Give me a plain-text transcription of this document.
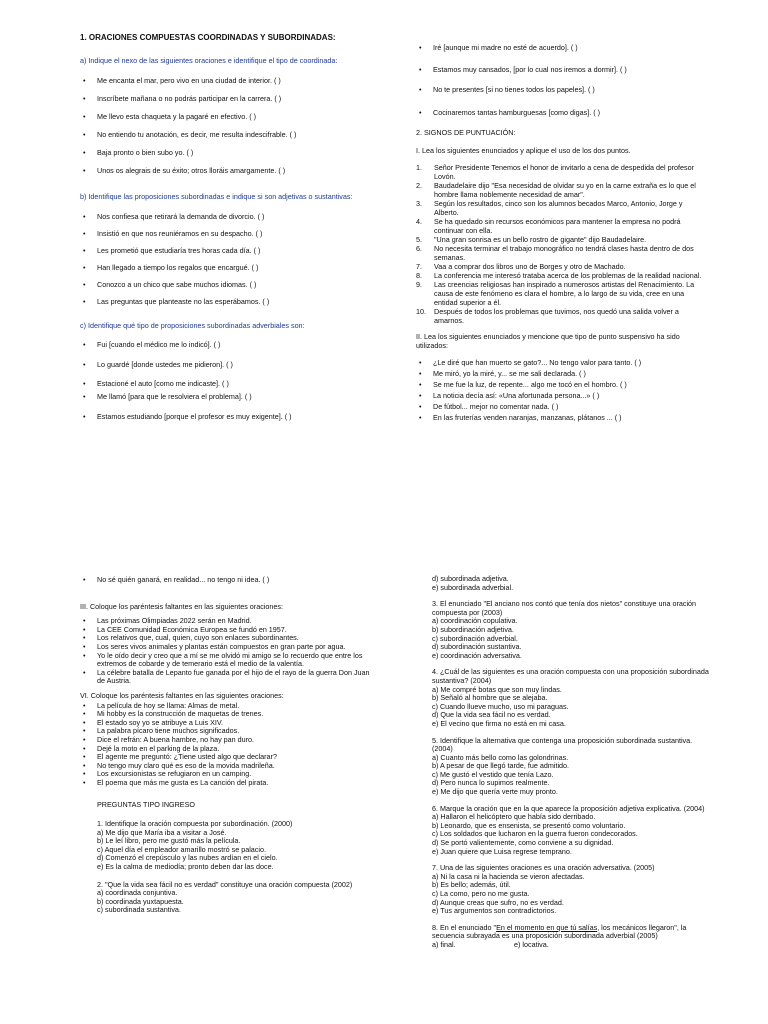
1. ORACIONES COMPUESTAS COORDINADAS Y SUBORDINADAS:
a) Indique el nexo de las siguientes oraciones e identifique el tipo de coordinada:
• Me encanta el mar, pero vivo en una ciudad de interior. ( )
• Inscríbete mañana o no podrás participar en la carrera. ( )
• Me llevo esta chaqueta y la pagaré en efectivo. ( )
• No entiendo tu anotación, es decir, me resulta indescifrable. ( )
• Baja pronto o bien subo yo. ( )
• Unos os alegrais de su éxito; otros lloráis amargamente. ( )
b) Identifique las proposiciones subordinadas e indique si son adjetivas o sustantivas:
• Nos confiesa que retirará la demanda de divorcio. ( )
• Insistió en que nos reuniéramos en su despacho. ( )
• Les prometió que estudiaría tres horas cada día. ( )
• Han llegado a tiempo los regalos que encargué. ( )
• Conozco a un chico que sabe muchos idiomas. ( )
• Las preguntas que planteaste no las esperábamos. ( )
c) Identifique qué tipo de proposiciones subordinadas adverbiales son:
• Fui [cuando el médico me lo indicó]. ( )
• Lo guardé [donde ustedes me pidieron]. ( )
• Estacioné el auto [como me indicaste]. ( )
• Me llamó [para que le resolviera el problema]. ( )
• Estamos estudiando [porque el profesor es muy exigente]. ( )
• Iré [aunque mi madre no esté de acuerdo]. ( )
• Estamos muy cansados, [por lo cual nos iremos a dormir]. ( )
• No te presentes [si no tienes todos los papeles]. ( )
• Cocinaremos tantas hamburguesas [como digas]. ( )
2. SIGNOS DE PUNTUACIÓN:
I. Lea los siguientes enunciados y aplique el uso de los dos puntos.
1. Señor Presidente Tenemos el honor de invitarlo a cena de despedida del profesor Lovón.
2. Baudadelaire dijo "Esa necesidad de olvidar su yo en la carne extraña es lo que el hombre llama noblemente necesidad de amar".
3. Según los resultados, cinco son los alumnos becados Marco, Antonio, Jorge y Alberto.
4. Se ha quedado sin recursos económicos para mantener la empresa no podrá continuar con ella.
5. "Una gran sonrisa es un bello rostro de gigante" dijo Baudadelaire.
6. No necesita terminar el trabajo monográfico no tendrá clases hasta dentro de dos semanas.
7. Vaa a comprar dos libros uno de Borges y otro de Machado.
8. La conferencia me interesó trataba acerca de los problemas de la realidad nacional.
9. Las creencias religiosas han inspirado a numerosos artistas del Renacimiento. La causa de este fenómeno es clara el hombre, a lo largo de su vida, cree en una entidad superior a él.
10. Después de todos los problemas que tuvimos, nos quedó una salida volver a amarnos.
II. Lea los siguientes enunciados y mencione que tipo de punto suspensivo ha sido utilizados:
• ¿Le diré que han muerto se gato?... No tengo valor para tanto. ( )
• Me miró, yo la miré, y... se me sali declarada. ( )
• Se me fue la luz, de repente... algo me tocó en el hombro. ( )
• La noticia decía así: «Una afortunada persona...» ( )
• De fútbol... mejor no comentar nada. ( )
• En las fruterías venden naranjas, manzanas, plátanos ... ( )
• No sé quién ganará, en realidad... no tengo ni idea. ( )
III. Coloque los paréntesis faltantes en las siguientes oraciones:
• Las próximas Olimpiadas 2022 serán en Madrid.
• La CEE Comunidad Económica Europea se fundó en 1957.
• Los relativos que, cual, quien, cuyo son enlaces subordinantes.
• Los seres vivos animales y plantas están compuestos en gran parte por agua.
• Yo le oído decir y creo que a mí se me olvidó mi amigo se lo recuerdo que entre los extremos de cobarde y de temerario está el medio de la valentía.
• La célebre batalla de Lepanto fue ganada por el hijo de el rayo de la guerra Don Juan de Austria.
VI. Coloque los paréntesis faltantes en las siguientes oraciones:
• La película de hoy se llama: Almas de metal.
• Mi hobby es la construcción de maquetas de trenes.
• El estado soy yo se atribuye a Luis XIV.
• La palabra pícaro tiene muchos significados.
• Dice el refrán: A buena hambre, no hay pan duro.
• Dejé la moto en el parking de la plaza.
• El agente me preguntó: ¿Tiene usted algo que declarar?
• No tengo muy claro qué es eso de la movida madrileña.
• Los excursionistas se refugiaron en un camping.
• El poema que más me gusta es La canción del pirata.
PREGUNTAS TIPO INGRESO
1. Identifique la oración compuesta por subordinación. (2000)
a) Me dijo que María iba a visitar a José.
b) Le leí libro, pero me gustó más la película.
c) Aquel día el empleador amarillo mostró se palacio.
d) Comenzó el crepúsculo y las nubes ardían en el cielo.
e) Es la calma de mediodía; pronto deben dar las doce.
2. "Que la vida sea fácil no es verdad" constituye una oración compuesta (2002)
a) coordinada conjuntiva.
b) coordinada yuxtapuesta.
c) subordinada sustantiva.
d) subordinada adjetiva.
e) subordinada adverbial.
3. El enunciado "El anciano nos contó que tenía dos nietos" constituye una oración compuesta por (2003)
a) coordinación copulativa.
b) subordinación adjetiva.
c) subordinación adverbial.
d) subordinación sustantiva.
e) coordinación adversativa.
4. ¿Cuál de las siguientes es una oración compuesta con una proposición subordinada sustantiva? (2004)
a) Me compré botas que son muy lindas.
b) Señaló al hombre que se alejaba.
c) Cuando llueve mucho, uso mi paraguas.
d) Que la vida sea fácil no es verdad.
e) El vecino que firma no está en mi casa.
5. Identifique la alternativa que contenga una proposición subordinada sustantiva. (2004)
a) Cuanto más bello como las golondrinas.
b) A pesar de que llegó tarde, fue admitido.
c) Me gustó el vestido que tenía Lazo.
d) Pero nunca lo supimos realmente.
e) Me dijo que quería verte muy pronto.
6. Marque la oración que en la que aparece la proposición adjetiva explicativa. (2004)
a) Hallaron el helicóptero que había sido derribado.
b) Leonardo, que es ensenista, se presentó como voluntario.
c) Los soldados que lucharon en la guerra fueron condecorados.
d) Se portó valientemente, como conviene a su dignidad.
e) Juan quiere que Luisa regrese temprano.
7. Una de las siguientes oraciones es una oración adversativa. (2005)
a) Ni la casa ni la hacienda se vieron afectadas.
b) Es bello; además, útil.
c) La como, pero no me gusta.
d) Aunque creas que sufro, no es verdad.
e) Tus argumentos son contradictorios.
8. En el enunciado "En el momento en que tú salías, los mecánicos llegaron", la secuencia subrayada es una proposición subordinada adverbial (2005)
a) final.	e) locativa.
